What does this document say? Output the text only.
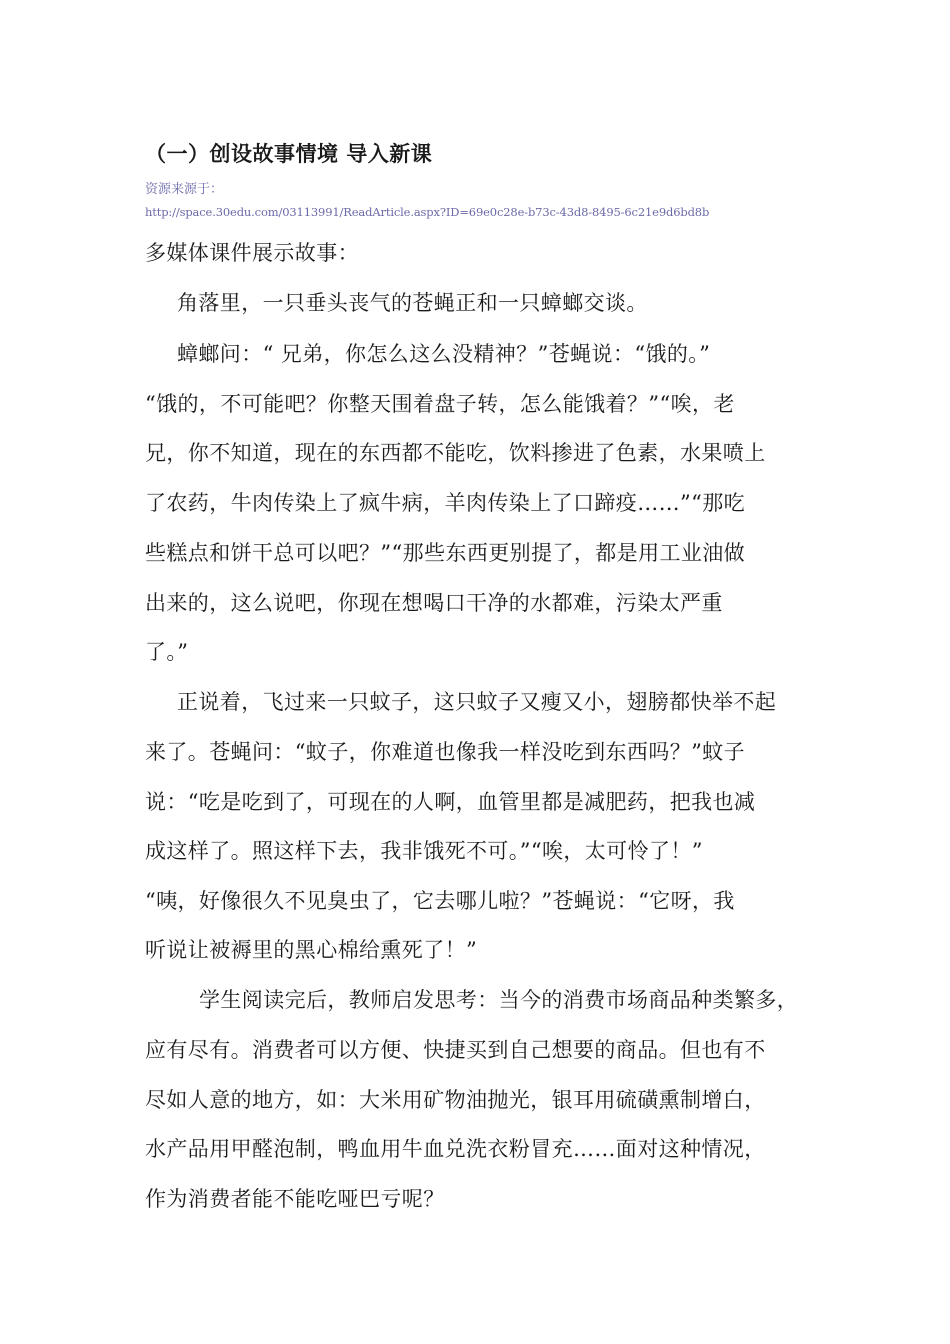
（一）创设故事情境 导入新课
资源来源于：
http://space.30edu.com/03113991/ReadArticle.aspx?ID=69e0c28e-b73c-43d8-8495-6c21e9d6bd8b
多媒体课件展示故事：
角落里，一只垂头丧气的苍蝇正和一只蟑螂交谈。
蟑螂问：“ 兄弟，你怎么这么没精神？”苍蝇说：“饿的。”
“饿的，不可能吧？你整天围着盘子转，怎么能饿着？”“唉，老
兄，你不知道，现在的东西都不能吃，饮料掺进了色素，水果喷上
了农药，牛肉传染上了疯牛病，羊肉传染上了口蹄疫……”“那吃
些糕点和饼干总可以吧？”“那些东西更别提了，都是用工业油做
出来的，这么说吧，你现在想喝口干净的水都难，污染太严重
了。”
正说着，飞过来一只蚊子，这只蚊子又瘦又小，翅膀都快举不起
来了。苍蝇问：“蚊子，你难道也像我一样没吃到东西吗？”蚊子
说：“吃是吃到了，可现在的人啊，血管里都是减肥药，把我也减
成这样了。照这样下去，我非饿死不可。”“唉，太可怜了！”
“咦，好像很久不见臭虫了，它去哪儿啦？”苍蝇说：“它呀，我
听说让被褥里的黑心棉给熏死了！”
学生阅读完后，教师启发思考：当今的消费市场商品种类繁多，
应有尽有。消费者可以方便、快捷买到自己想要的商品。但也有不
尽如人意的地方，如：大米用矿物油抛光，银耳用硫磺熏制增白，
水产品用甲醛泡制，鸭血用牛血兑洗衣粉冒充……面对这种情况，
作为消费者能不能吃哑巴亏呢？
